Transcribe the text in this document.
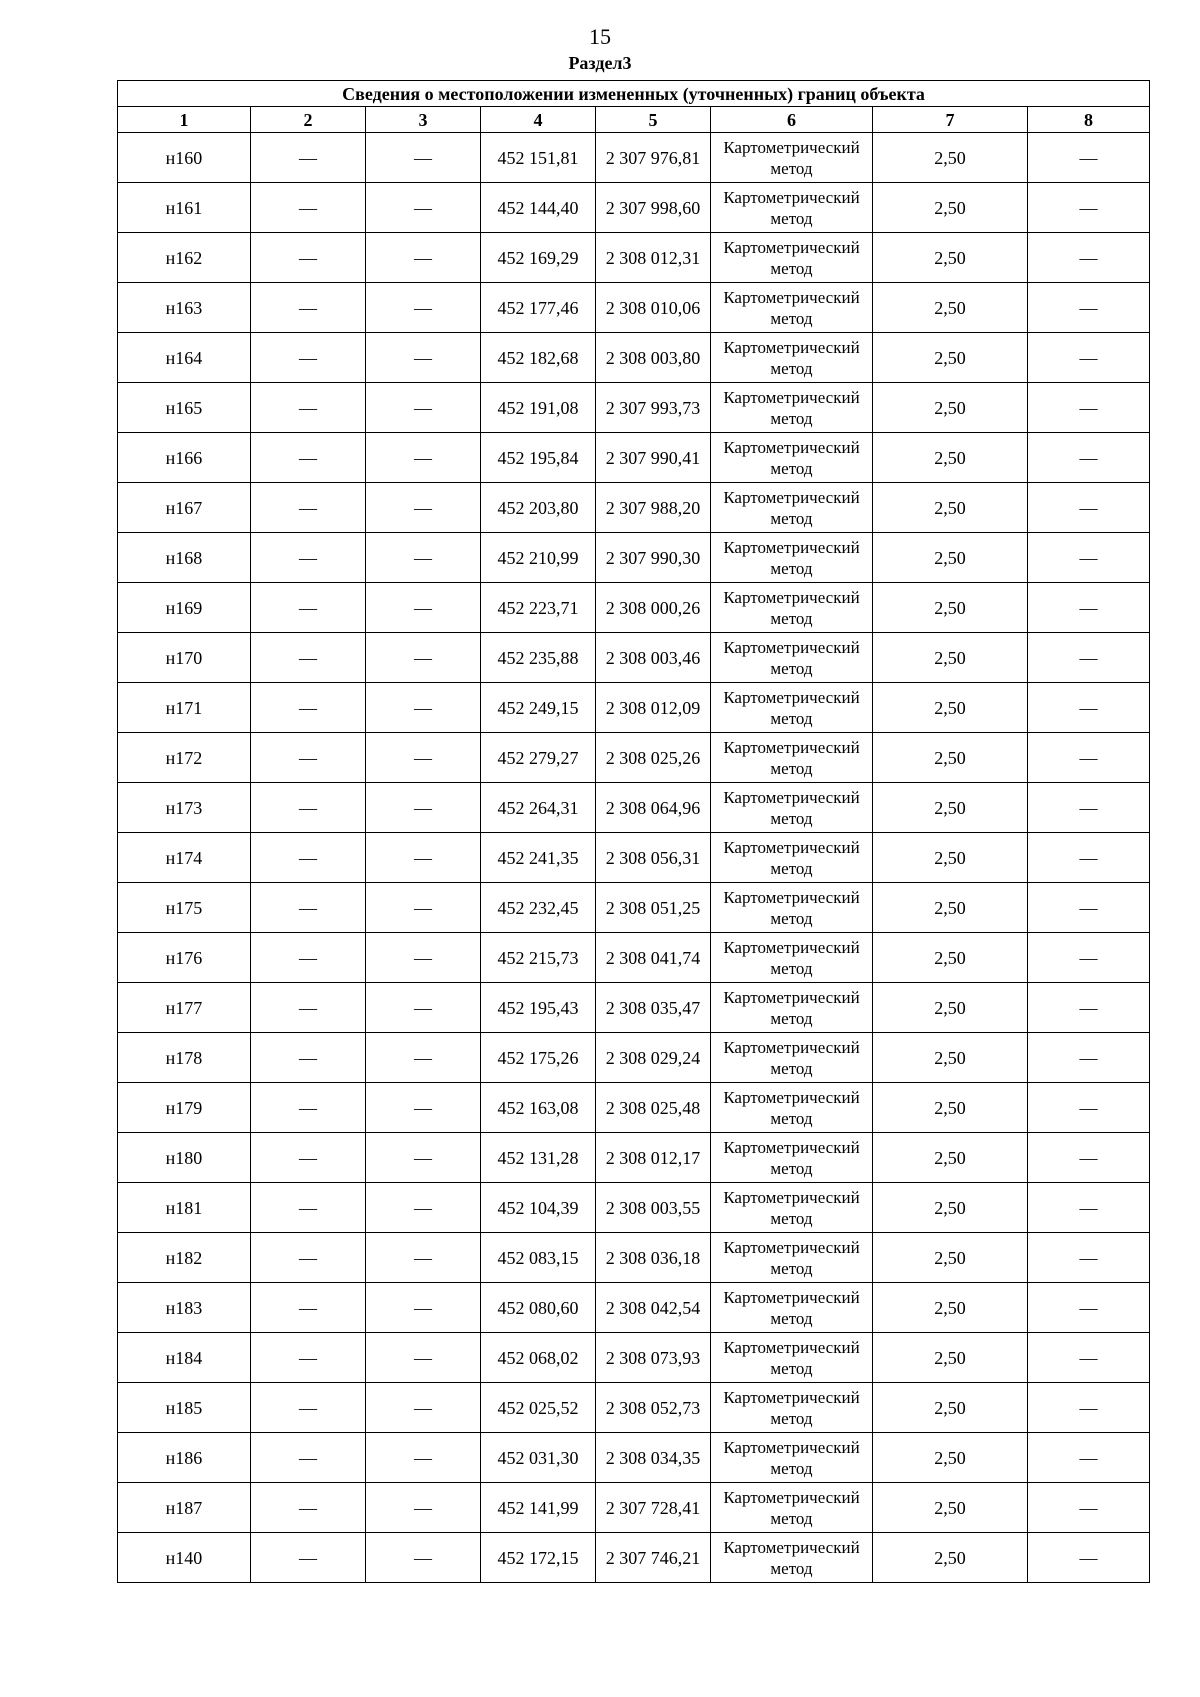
15
Раздел3
Сведения о местоположении измененных (уточненных) границ объекта							
1	2	3	4	5	6	7	8
н160	—	—	452 151,81	2 307 976,81	Картометрический метод	2,50	—
н161	—	—	452 144,40	2 307 998,60	Картометрический метод	2,50	—
н162	—	—	452 169,29	2 308 012,31	Картометрический метод	2,50	—
н163	—	—	452 177,46	2 308 010,06	Картометрический метод	2,50	—
н164	—	—	452 182,68	2 308 003,80	Картометрический метод	2,50	—
н165	—	—	452 191,08	2 307 993,73	Картометрический метод	2,50	—
н166	—	—	452 195,84	2 307 990,41	Картометрический метод	2,50	—
н167	—	—	452 203,80	2 307 988,20	Картометрический метод	2,50	—
н168	—	—	452 210,99	2 307 990,30	Картометрический метод	2,50	—
н169	—	—	452 223,71	2 308 000,26	Картометрический метод	2,50	—
н170	—	—	452 235,88	2 308 003,46	Картометрический метод	2,50	—
н171	—	—	452 249,15	2 308 012,09	Картометрический метод	2,50	—
н172	—	—	452 279,27	2 308 025,26	Картометрический метод	2,50	—
н173	—	—	452 264,31	2 308 064,96	Картометрический метод	2,50	—
н174	—	—	452 241,35	2 308 056,31	Картометрический метод	2,50	—
н175	—	—	452 232,45	2 308 051,25	Картометрический метод	2,50	—
н176	—	—	452 215,73	2 308 041,74	Картометрический метод	2,50	—
н177	—	—	452 195,43	2 308 035,47	Картометрический метод	2,50	—
н178	—	—	452 175,26	2 308 029,24	Картометрический метод	2,50	—
н179	—	—	452 163,08	2 308 025,48	Картометрический метод	2,50	—
н180	—	—	452 131,28	2 308 012,17	Картометрический метод	2,50	—
н181	—	—	452 104,39	2 308 003,55	Картометрический метод	2,50	—
н182	—	—	452 083,15	2 308 036,18	Картометрический метод	2,50	—
н183	—	—	452 080,60	2 308 042,54	Картометрический метод	2,50	—
н184	—	—	452 068,02	2 308 073,93	Картометрический метод	2,50	—
н185	—	—	452 025,52	2 308 052,73	Картометрический метод	2,50	—
н186	—	—	452 031,30	2 308 034,35	Картометрический метод	2,50	—
н187	—	—	452 141,99	2 307 728,41	Картометрический метод	2,50	—
н140	—	—	452 172,15	2 307 746,21	Картометрический метод	2,50	—
